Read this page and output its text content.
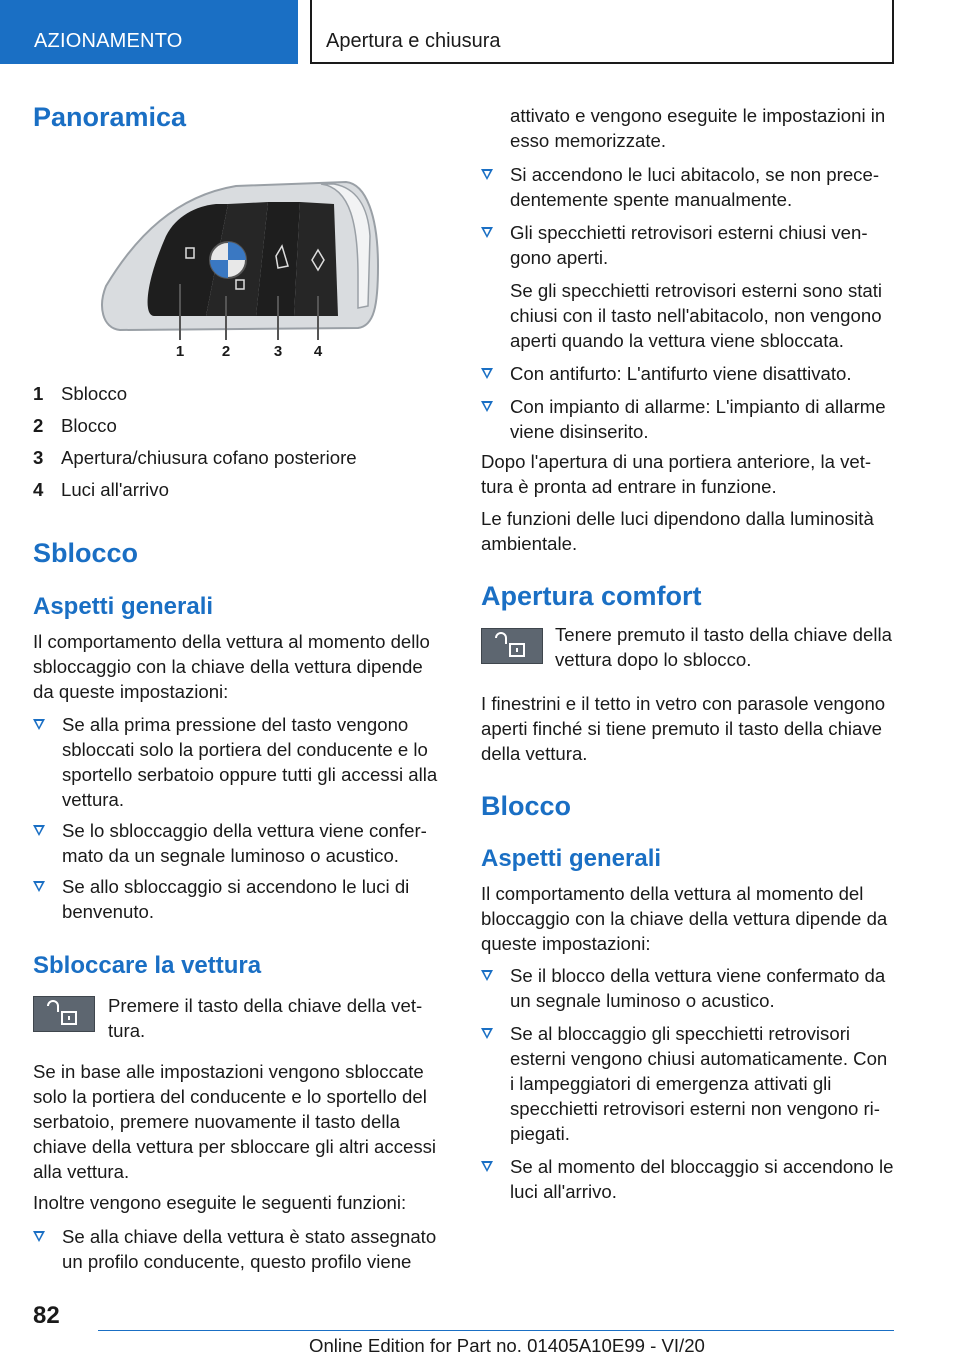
AZIONAMENTO	Apertura e chiusura
Panoramica
1	2	3 4
1 Sblocco
2 Blocco
3 Apertura/chiusura cofano posteriore
4 Luci all'arrivo
Sblocco
Aspetti generali
Il comportamento della vettura al momento dello sbloccaggio con la chiave della vettura dipende da queste impostazioni:
Se alla prima pressione del tasto vengono sbloccati solo la portiera del conducente e lo sportello serbatoio oppure tutti gli accessi alla vettura.
Se lo sbloccaggio della vettura viene confermato da un segnale luminoso o acustico.
Se allo sbloccaggio si accendono le luci di benvenuto.
Sbloccare la vettura
Premere il tasto della chiave della vettura.
Se in base alle impostazioni vengono sbloccate solo la portiera del conducente e lo sportello del serbatoio, premere nuovamente il tasto della chiave della vettura per sbloccare gli altri accessi alla vettura.
Inoltre vengono eseguite le seguenti funzioni:
Se alla chiave della vettura è stato assegnato un profilo conducente, questo profilo viene
attivato e vengono eseguite le impostazioni in esso memorizzate.
Si accendono le luci abitacolo, se non precedentemente spente manualmente.
Gli specchietti retrovisori esterni chiusi vengono aperti.
Se gli specchietti retrovisori esterni sono stati chiusi con il tasto nell'abitacolo, non vengono aperti quando la vettura viene sbloccata.
Con antifurto: L'antifurto viene disattivato.
Con impianto di allarme: L'impianto di allarme viene disinserito.
Dopo l'apertura di una portiera anteriore, la vettura è pronta ad entrare in funzione.
Le funzioni delle luci dipendono dalla luminosità ambientale.
Apertura comfort
Tenere premuto il tasto della chiave della vettura dopo lo sblocco.
I finestrini e il tetto in vetro con parasole vengono aperti finché si tiene premuto il tasto della chiave della vettura.
Blocco
Aspetti generali
Il comportamento della vettura al momento del bloccaggio con la chiave della vettura dipende da queste impostazioni:
Se il blocco della vettura viene confermato da un segnale luminoso o acustico.
Se al bloccaggio gli specchietti retrovisori esterni vengono chiusi automaticamente. Con i lampeggiatori di emergenza attivati gli specchietti retrovisori esterni non vengono ripiegati.
Se al momento del bloccaggio si accendono le luci all'arrivo.
82
Online Edition for Part no. 01405A10E99 - VI/20
